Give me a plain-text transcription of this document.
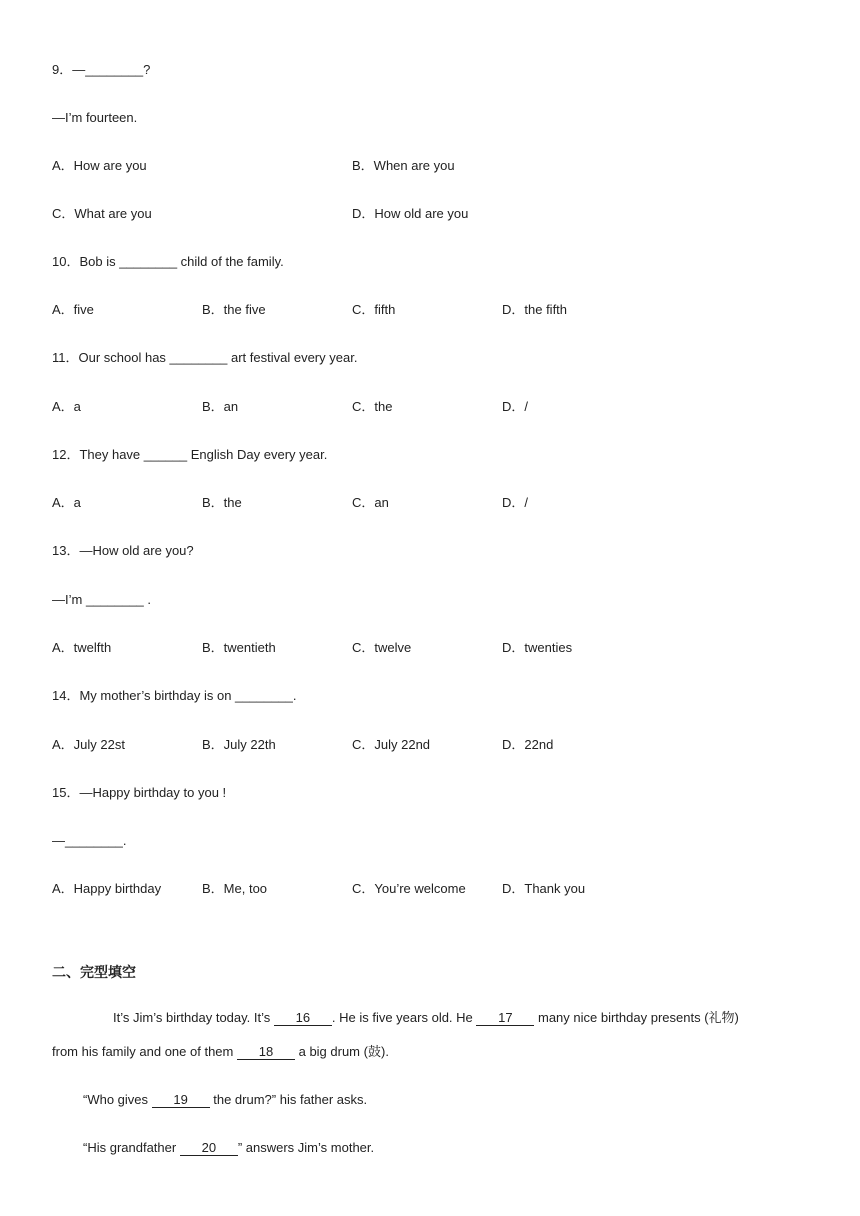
9．—________?
—I’m fourteen.
A．How are you	B．When are you
C．What are you	D．How old are you
10．Bob is ________ child of the family.
A．five	B．the five	C．fifth	D．the fifth
11．Our school has ________ art festival every year.
A．a	B．an	C．the	D．/
12．They have ______ English Day every year.
A．a	B．the	C．an	D．/
13．—How old are you?
—I’m ________ .
A．twelfth	B．twentieth	C．twelve	D．twenties
14．My mother’s birthday is on ________.
A．July 22st	B．July 22th	C．July 22nd	D．22nd
15．—Happy birthday to you !
—________.
A．Happy birthday	B．Me, too	C．You’re welcome	D．Thank you
二、完型填空
It’s Jim’s birthday today. It’s 16 . He is five years old. He 17 many nice birthday presents (礼物)
from his family and one of them 18 a big drum (鼓).
“Who gives 19 the drum?” his father asks.
“His grandfather 20 ” answers Jim’s mother.
